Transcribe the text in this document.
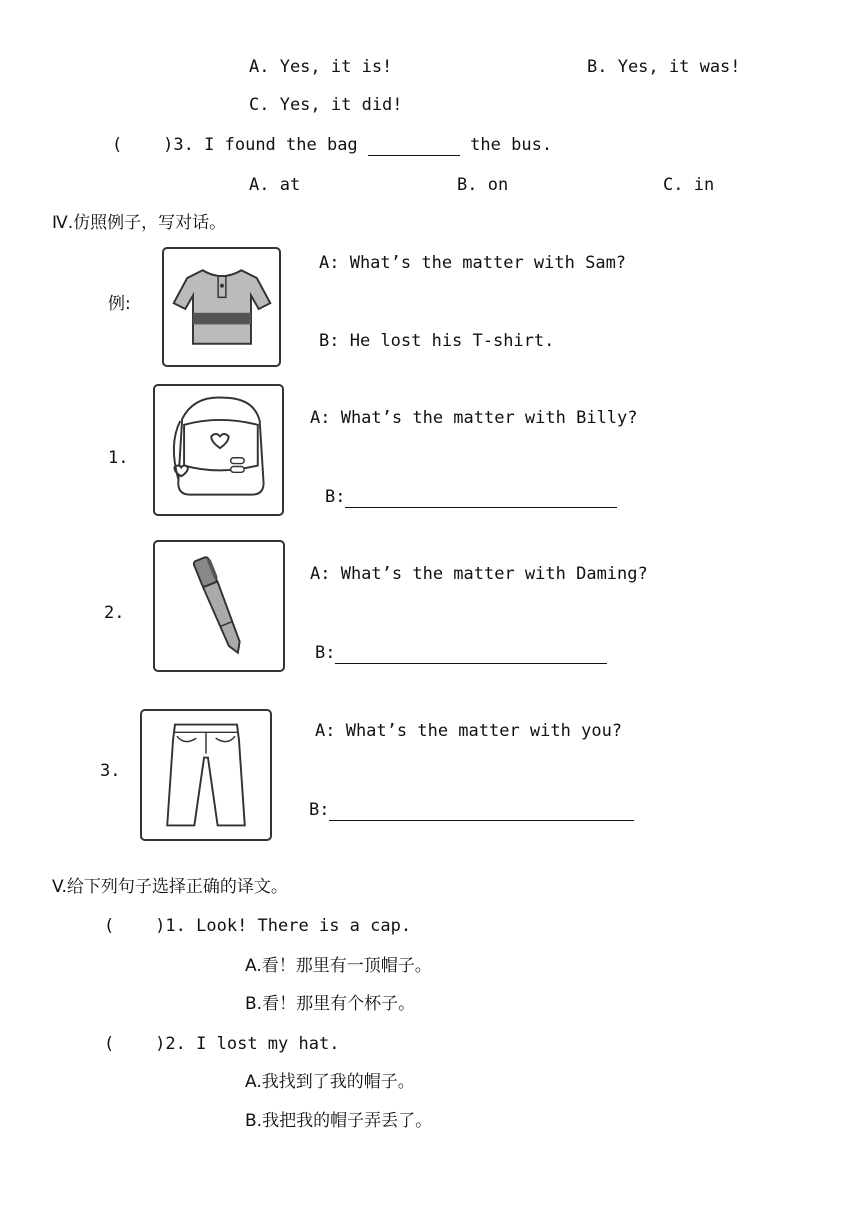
A. Yes, it is!	B. Yes, it was!
C. Yes, it did!
(    )3. I found the bag	the bus.
A. at	B. on	C. in
Ⅳ.仿照例子，写对话。
例:
A: What’s the matter with Sam?
B: He lost his T-shirt.
1.
A: What’s the matter with Billy?
B:
2.
A: What’s the matter with Daming?
B:
3.
A: What’s the matter with you?
B:
V.给下列句子选择正确的译文。
(    )1. Look! There is a cap.
A.看！那里有一顶帽子。
B.看！那里有个杯子。
(    )2. I lost my hat.
A.我找到了我的帽子。
B.我把我的帽子弄丢了。
